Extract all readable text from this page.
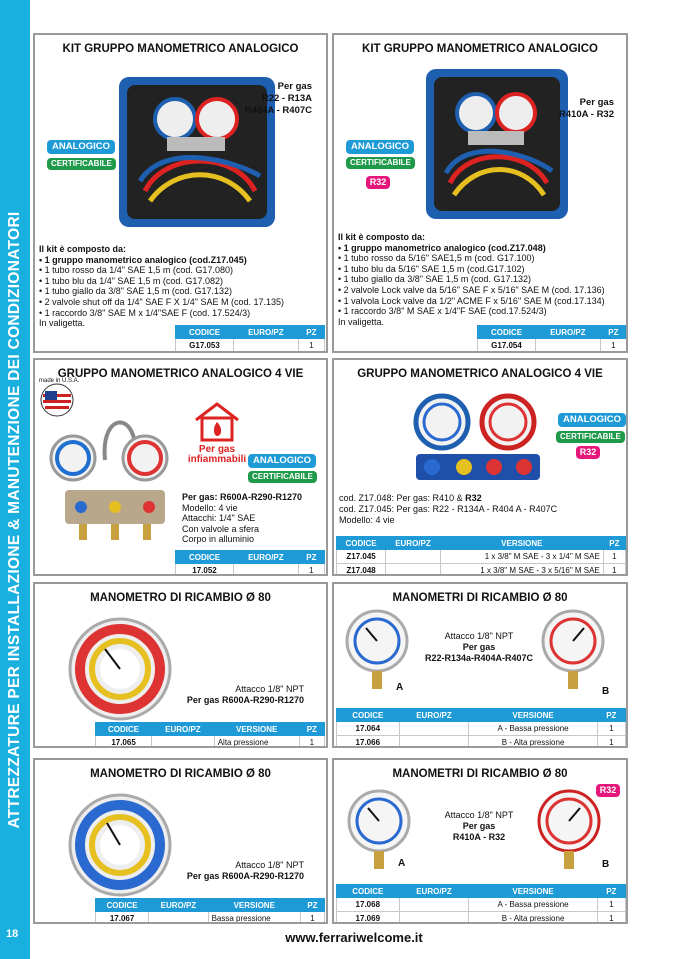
ATTREZZATURE PER INSTALLAZIONE & MANUTENZIONE DEI CONDIZIONATORI
18	www.ferrariwelcome.it
KIT GRUPPO MANOMETRICO ANALOGICO
Per gas
R22 - R13A
R404A - R407C
ANALOGICO
CERTIFICABILE
Il kit è composto da:
• 1 gruppo manometrico analogico (cod.Z17.045)
• 1 tubo rosso da 1/4" SAE 1,5 m (cod. G17.080)
• 1 tubo blu da 1/4" SAE 1,5 m (cod. G17.082)
• 1 tubo giallo da 3/8" SAE 1,5 m (cod. G17.132)
• 2 valvole shut off da 1/4" SAE F X 1/4" SAE M (cod. 17.135)
• 1 raccordo 3/8" SAE M x 1/4"SAE F (cod. 17.524/3)
In valigetta.
CODICE	EURO/PZ	PZ
G17.053		1
KIT GRUPPO MANOMETRICO ANALOGICO
Per gas
R410A - R32
ANALOGICO
CERTIFICABILE
R32
Il kit è composto da:
• 1 gruppo manometrico analogico (cod.Z17.048)
• 1 tubo rosso da 5/16" SAE1,5 m (cod. G17.100)
• 1 tubo blu da 5/16" SAE 1,5 m (cod.G17.102)
• 1 tubo giallo da 3/8" SAE 1,5 m (cod. G17.132)
• 2 valvole Lock valve da 5/16" SAE F x 5/16" SAE M (cod. 17.136)
• 1 valvola Lock valve da 1/2" ACME F x 5/16" SAE M (cod.17.134)
• 1 raccordo 3/8" M SAE x 1/4"F SAE (cod.17.524/3)
In valigetta.
CODICE	EURO/PZ	PZ
G17.054		1
GRUPPO MANOMETRICO ANALOGICO 4 VIE
made in U.S.A.
Per gas
infiammabili ANALOGICO
CERTIFICABILE
Per gas: R600A-R290-R1270
Modello: 4 vie
Attacchi: 1/4" SAE
Con valvole a sfera
Corpo in alluminio
CODICE	EURO/PZ	PZ
17.052		1
GRUPPO MANOMETRICO ANALOGICO 4 VIE
ANALOGICO
CERTIFICABILE
R32
cod. Z17.048: Per gas: R410 & R32
cod. Z17.045: Per gas: R22 - R134A - R404 A - R407C
Modello: 4 vie
CODICE	EURO/PZ	VERSIONE	PZ
Z17.045		1 x 3/8" M SAE - 3 x 1/4" M SAE	1
Z17.048		1 x 3/8" M SAE - 3 x 5/16" M SAE	1
MANOMETRO DI RICAMBIO Ø 80
Attacco 1/8" NPT
Per gas R600A-R290-R1270
CODICE	EURO/PZ	VERSIONE	PZ
17.065		Alta pressione	1
MANOMETRI DI RICAMBIO Ø 80
A	B
Attacco 1/8" NPT
Per gas
R22-R134a-R404A-R407C
CODICE	EURO/PZ	VERSIONE	PZ
17.064		A - Bassa pressione	1
17.066		B - Alta pressione	1
MANOMETRO DI RICAMBIO Ø 80
Attacco 1/8" NPT
Per gas R600A-R290-R1270
CODICE	EURO/PZ	VERSIONE	PZ
17.067		Bassa pressione	1
MANOMETRI DI RICAMBIO Ø 80
R32
A	B
Attacco 1/8" NPT
Per gas
R410A - R32
CODICE	EURO/PZ	VERSIONE	PZ
17.068		A - Bassa pressione	1
17.069		B - Alta pressione	1
